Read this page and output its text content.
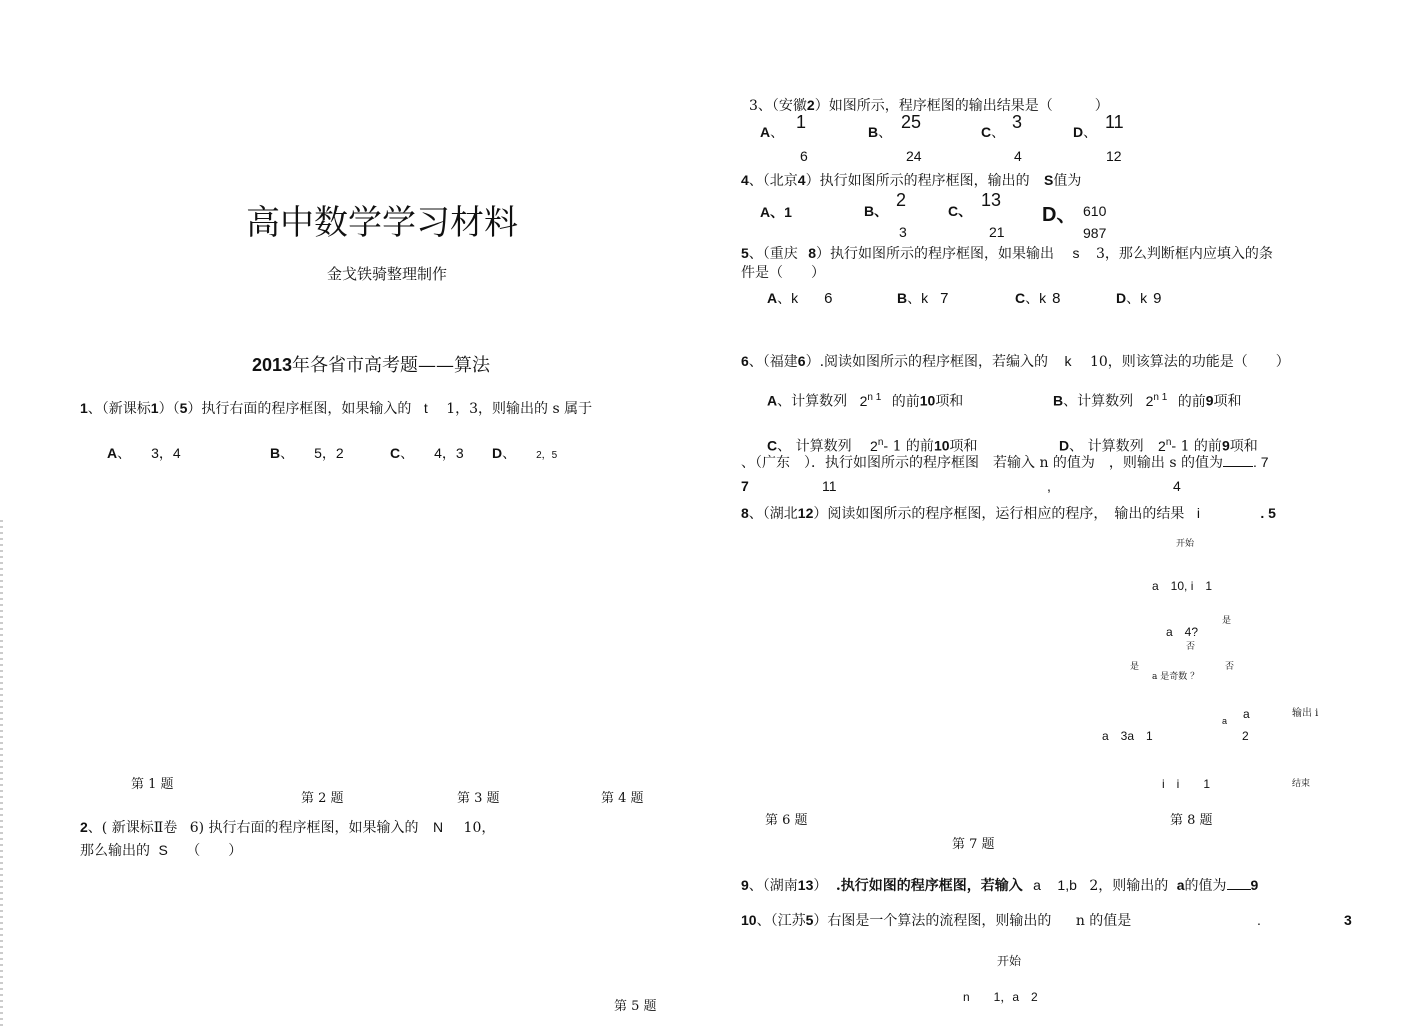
高中数学学习材料
金戈铁骑整理制作
2013年各省市高考题——算法
1、（新课标1）（5）执行右面的程序框图，如果输入的 t 1，3，则输出的 s 属于
A、 3，4	B、 5，2	C、 4，3 D、 2，5
第 1 题
第 2 题	第 3 题	第 4 题
2、( 新课标Ⅱ卷 6) 执行右面的程序框图，如果输入的 N 10，
那么输出的 S （　　）
第 5 题
3、（安徽2）如图所示，程序框图的输出结果是（　　　）
A、 1
6
B、 25
24
C、 3
4
D、 11
12
4、（北京4）执行如图所示的程序框图，输出的 S值为
A、1	B、
2
3
C、
13
21
D、 610
987
5、（重庆 8）执行如图所示的程序框图，如果输出 s 3，那么判断框内应填入的条
件是（　　）
A、k 6	B、k 7	C、k 8	D、k 9
6、（福建6）.阅读如图所示的程序框图，若编入的 k 10，则该算法的功能是（　　）
A、计算数列 $2^{n 1}$ 的前10项和	B、计算数列 $2^{n 1}$ 的前9项和
C、 计算数列 2$^n$- 1 的前10项和	D、 计算数列 2$^n$- 1 的前9项和
、（广东　）．执行如图所示的程序框图　若输入 n 的值为　，则输出 s 的值为 . 7
7	11	,	4
8、（湖北12）阅读如图所示的程序框图，运行相应的程序，　输出的结果 i	. 5
开始
a　10, i　1
是
a　4?
否
是	否
a 是奇数 ？
a
a
输出 i
a　3a　1	2
i　i　　1	结束
第 6 题	第 8 题
第 7 题
9、（湖南13） .执行如图的程序框图，若输入 a 1,b 2，则输出的 a的值为 9
10、（江苏5）右图是一个算法的流程图，则输出的 n 的值是	.	3
开始
n　　1，a　2
